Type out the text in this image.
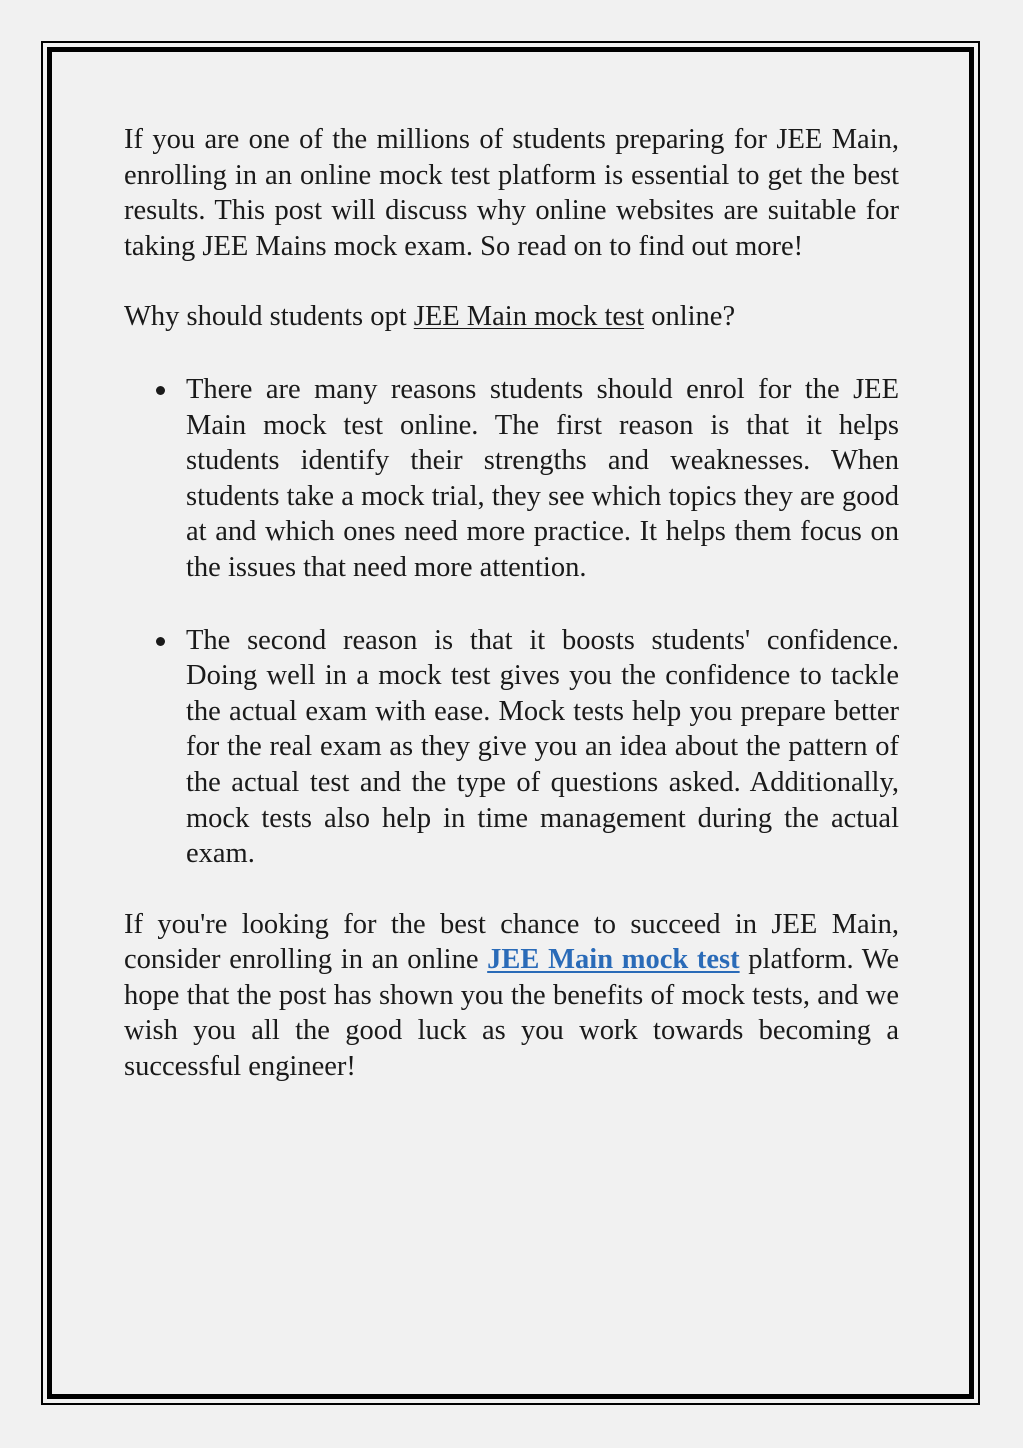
If you are one of the millions of students preparing for JEE Main, enrolling in an online mock test platform is essential to get the best results. This post will discuss why online websites are suitable for taking JEE Mains mock exam. So read on to find out more!

Why should students opt JEE Main mock test online?

There are many reasons students should enrol for the JEE Main mock test online. The first reason is that it helps students identify their strengths and weaknesses. When students take a mock trial, they see which topics they are good at and which ones need more practice. It helps them focus on the issues that need more attention.
The second reason is that it boosts students' confidence. Doing well in a mock test gives you the confidence to tackle the actual exam with ease. Mock tests help you prepare better for the real exam as they give you an idea about the pattern of the actual test and the type of questions asked. Additionally, mock tests also help in time management during the actual exam.

If you're looking for the best chance to succeed in JEE Main, consider enrolling in an online JEE Main mock test platform. We hope that the post has shown you the benefits of mock tests, and we wish you all the good luck as you work towards becoming a successful engineer!
